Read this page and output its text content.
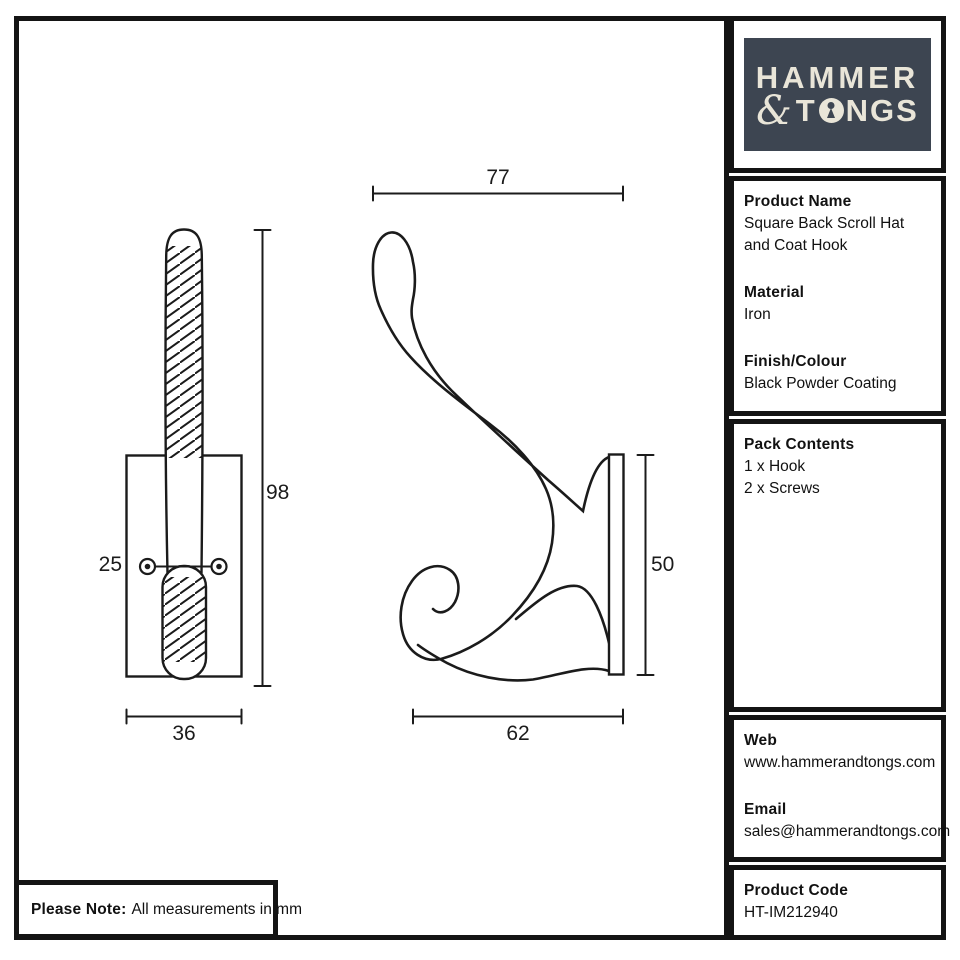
98
36
25
77
50
62
Please Note: All measurements in mm
HAMMER
& T NGS
Product Name
Square Back Scroll Hat and Coat Hook
Material
Iron
Finish/Colour
Black Powder Coating
Pack Contents
1 x Hook
2 x Screws
Web
www.hammerandtongs.com
Email
sales@hammerandtongs.com
Product Code
HT-IM212940
